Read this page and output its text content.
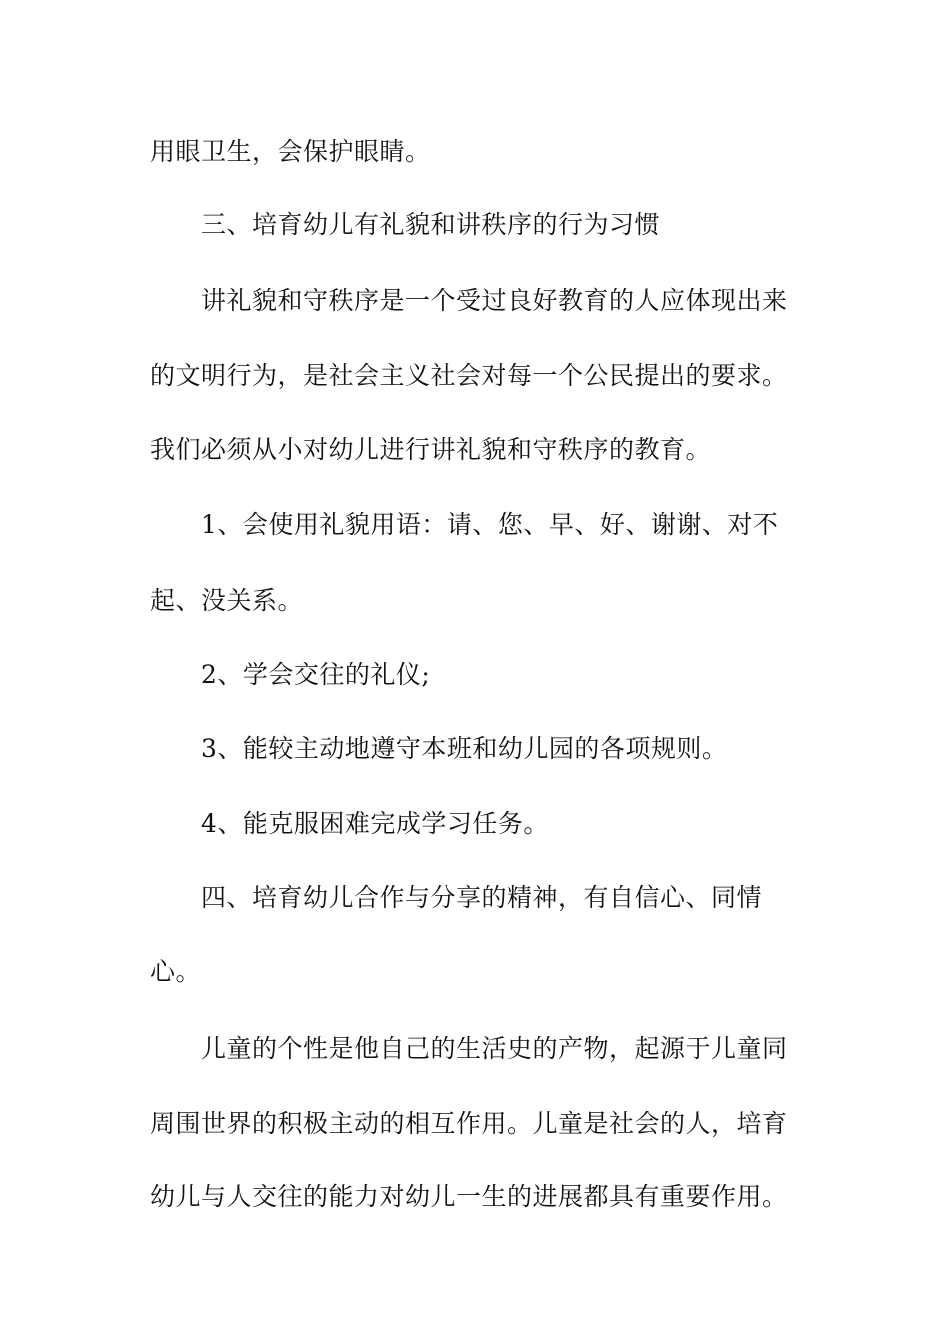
用眼卫生，会保护眼睛。
三、培育幼儿有礼貌和讲秩序的行为习惯
讲礼貌和守秩序是一个受过良好教育的人应体现出来
的文明行为，是社会主义社会对每一个公民提出的要求。
我们必须从小对幼儿进行讲礼貌和守秩序的教育。
1、会使用礼貌用语：请、您、早、好、谢谢、对不
起、没关系。
2、学会交往的礼仪;
3、能较主动地遵守本班和幼儿园的各项规则。
4、能克服困难完成学习任务。
四、培育幼儿合作与分享的精神，有自信心、同情
心。
儿童的个性是他自己的生活史的产物，起源于儿童同
周围世界的积极主动的相互作用。儿童是社会的人，培育
幼儿与人交往的能力对幼儿一生的进展都具有重要作用。
